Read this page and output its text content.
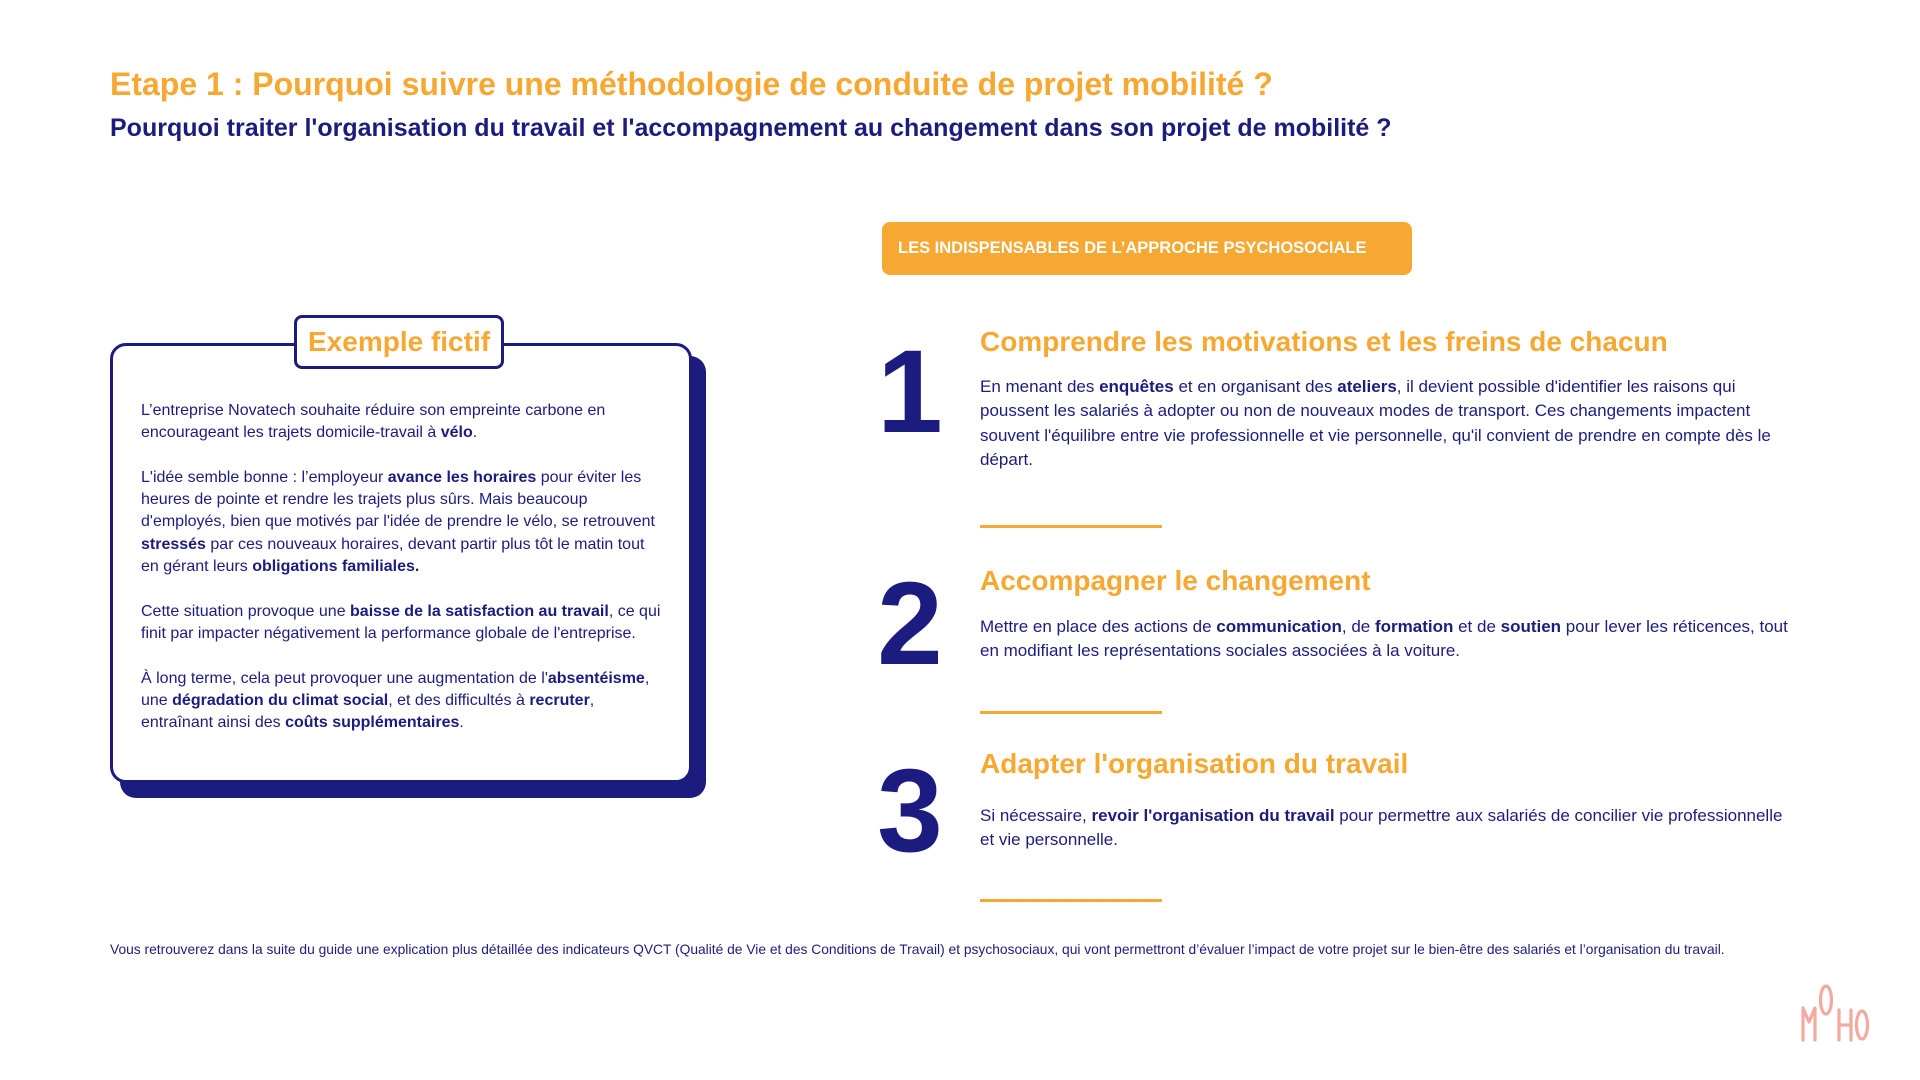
Etape 1 : Pourquoi suivre une méthodologie de conduite de projet mobilité ?
Pourquoi traiter l'organisation du travail et l'accompagnement au changement dans son projet de mobilité ?
Exemple fictif

L’entreprise Novatech souhaite réduire son empreinte carbone en encourageant les trajets domicile-travail à vélo.

L'idée semble bonne : l’employeur avance les horaires pour éviter les heures de pointe et rendre les trajets plus sûrs. Mais beaucoup d'employés, bien que motivés par l'idée de prendre le vélo, se retrouvent stressés par ces nouveaux horaires, devant partir plus tôt le matin tout en gérant leurs obligations familiales.

Cette situation provoque une baisse de la satisfaction au travail, ce qui finit par impacter négativement la performance globale de l'entreprise.

À long terme, cela peut provoquer une augmentation de l'absentéisme, une dégradation du climat social, et des difficultés à recruter, entraînant ainsi des coûts supplémentaires.

LES INDISPENSABLES DE L’APPROCHE PSYCHOSOCIALE
1	Comprendre les motivations et les freins de chacun

En menant des enquêtes et en organisant des ateliers, il devient possible d'identifier les raisons qui poussent les salariés à adopter ou non de nouveaux modes de transport. Ces changements impactent souvent l'équilibre entre vie professionnelle et vie personnelle, qu'il convient de prendre en compte dès le départ.

2	Accompagner le changement

Mettre en place des actions de communication, de formation et de soutien pour lever les réticences, tout en modifiant les représentations sociales associées à la voiture.

3	Adapter l'organisation du travail

Si nécessaire, revoir l'organisation du travail pour permettre aux salariés de concilier vie professionnelle et vie personnelle.

Vous retrouverez dans la suite du guide une explication plus détaillée des indicateurs QVCT (Qualité de Vie et des Conditions de Travail) et psychosociaux, qui vont permettront d’évaluer l’impact de votre projet sur le bien-être des salariés et l’organisation du travail.
